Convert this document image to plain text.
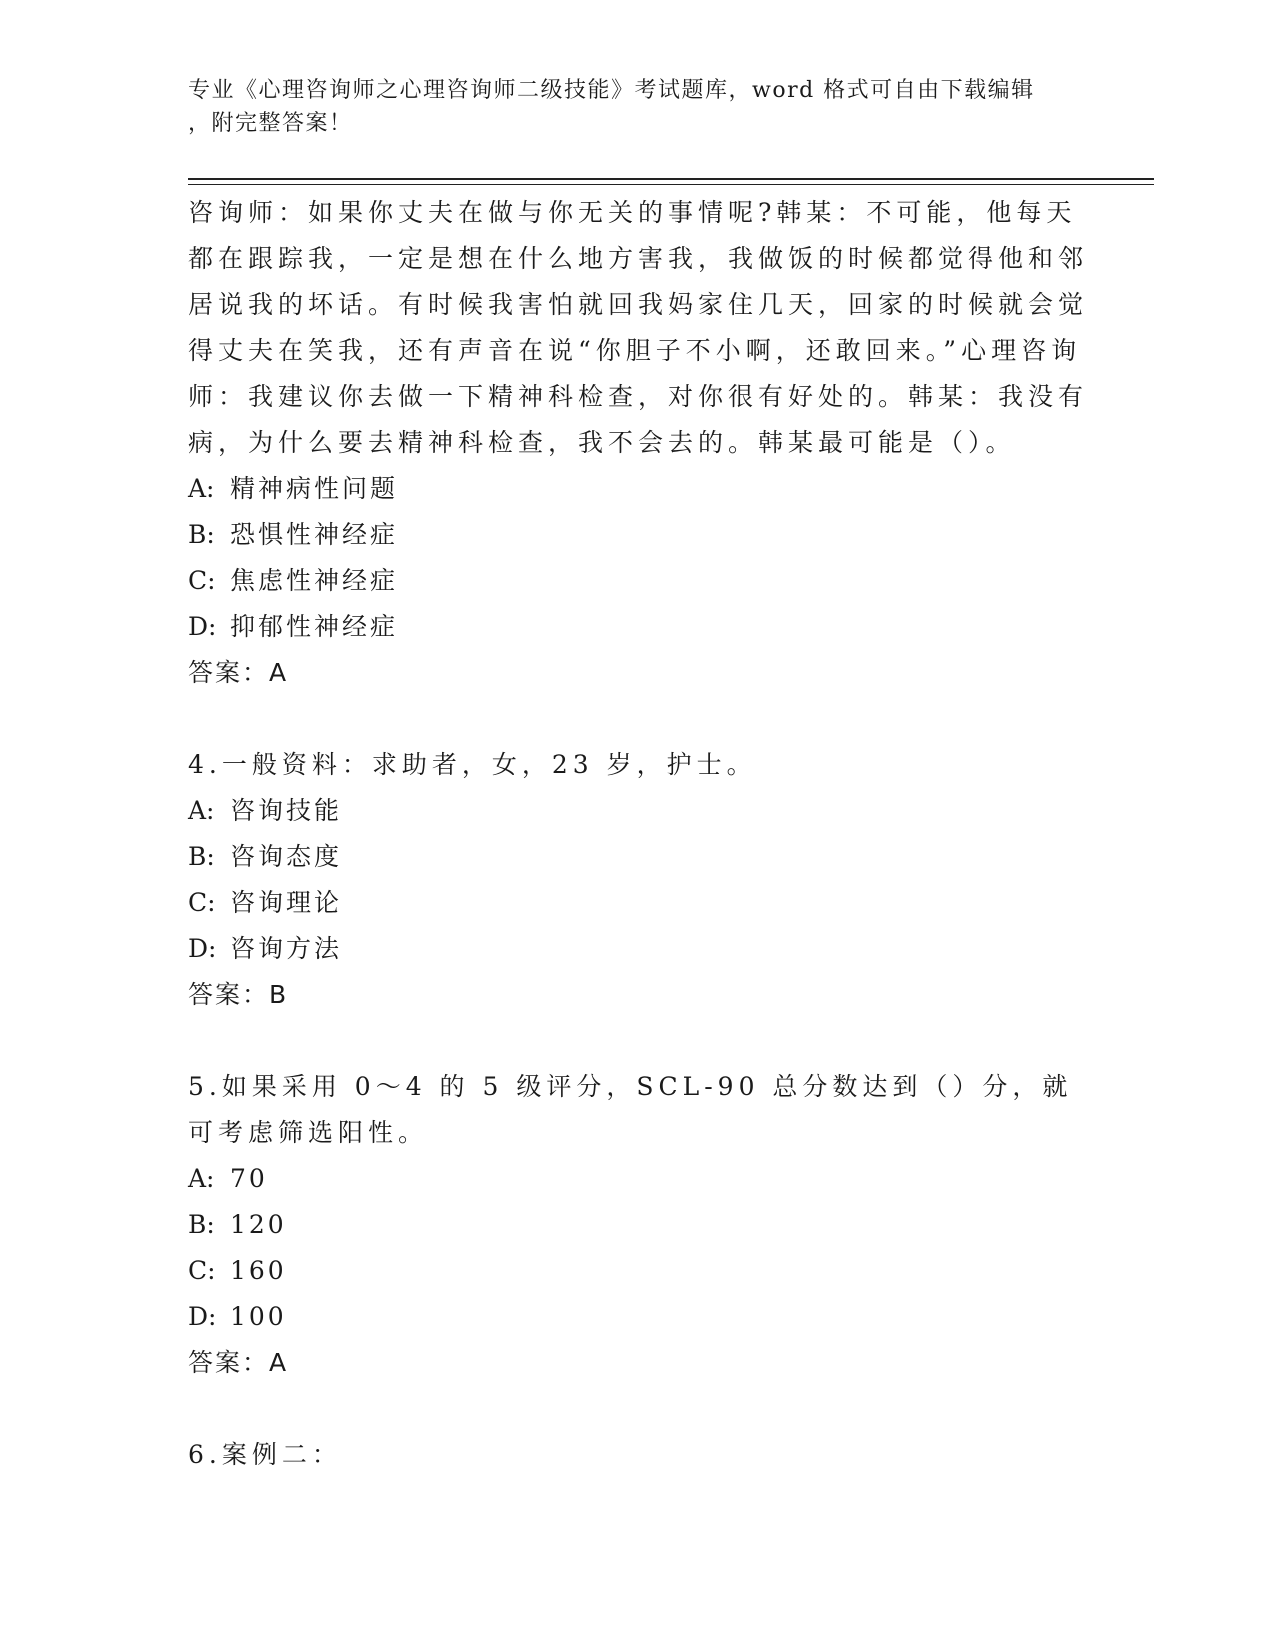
专业《心理咨询师之心理咨询师二级技能》考试题库，word 格式可自由下载编辑
，附完整答案！

咨询师：如果你丈夫在做与你无关的事情呢?韩某：不可能，他每天都在跟踪我，一定是想在什么地方害我，我做饭的时候都觉得他和邻居说我的坏话。有时候我害怕就回我妈家住几天，回家的时候就会觉得丈夫在笑我，还有声音在说“你胆子不小啊，还敢回来。”心理咨询师：我建议你去做一下精神科检查，对你很有好处的。韩某：我没有病，为什么要去精神科检查，我不会去的。韩某最可能是（）。

A: 精神病性问题

B: 恐惧性神经症

C: 焦虑性神经症

D: 抑郁性神经症

答案：A

4.一般资料：求助者，女，23 岁，护士。

A: 咨询技能

B: 咨询态度

C: 咨询理论

D: 咨询方法

答案：B

5.如果采用 0～4 的 5 级评分，SCL-90 总分数达到（）分，就可考虑筛选阳性。

A: 70

B: 120

C: 160

D: 100

答案：A

6.案例二：
